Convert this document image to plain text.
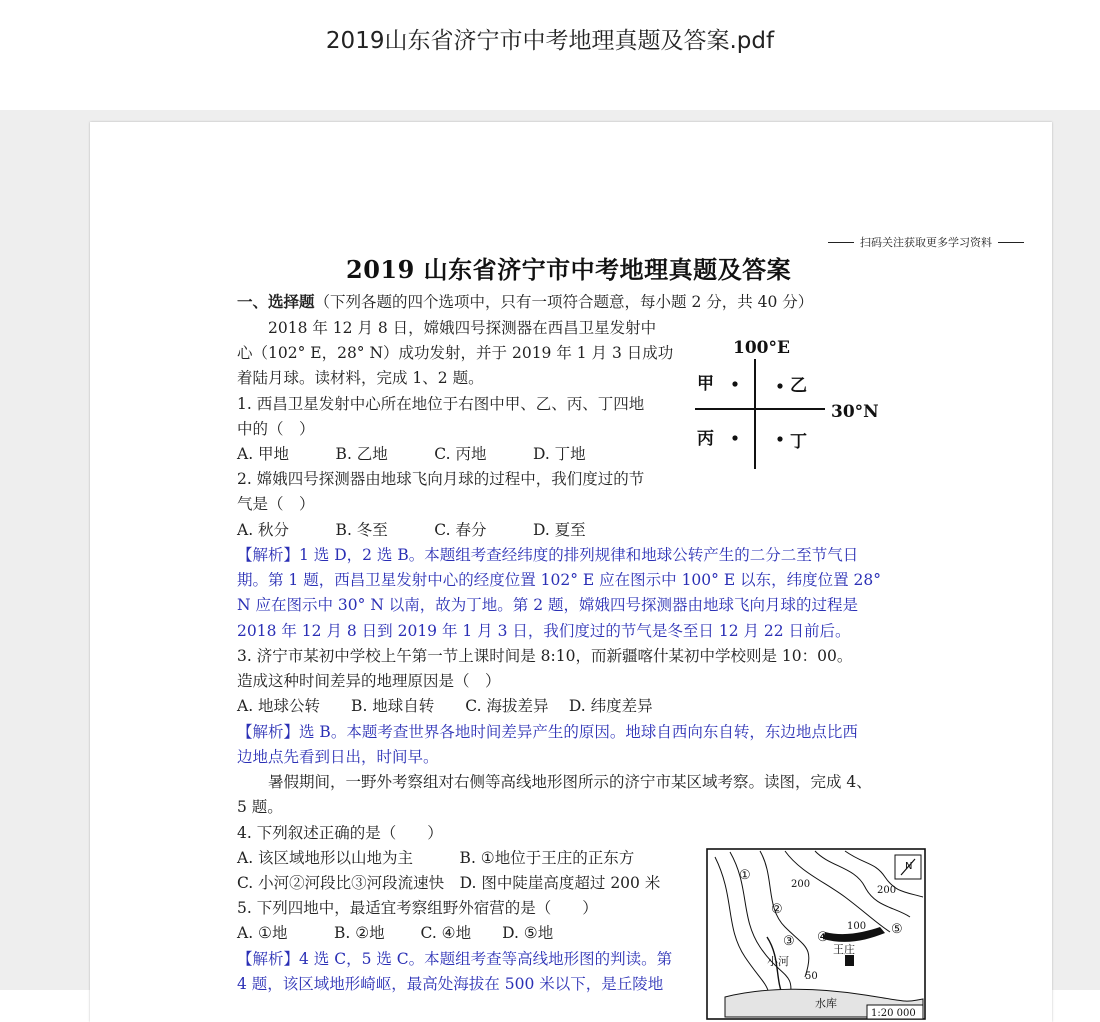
2019山东省济宁市中考地理真题及答案.pdf
扫码关注获取更多学习资料
2019 山东省济宁市中考地理真题及答案
一、选择题（下列各题的四个选项中，只有一项符合题意，每小题 2 分，共 40 分）
　　2018 年 12 月 8 日，嫦娥四号探测器在西昌卫星发射中
心（102° E，28° N）成功发射，并于 2019 年 1 月 3 日成功
着陆月球。读材料，完成 1、2 题。
1. 西昌卫星发射中心所在地位于右图中甲、乙、丙、丁四地
中的（　）
A. 甲地　　　B. 乙地　　　C. 丙地　　　D. 丁地
2. 嫦娥四号探测器由地球飞向月球的过程中，我们度过的节
气是（　）
A. 秋分　　　B. 冬至　　　C. 春分　　　D. 夏至
【解析】1 选 D，2 选 B。本题组考查经纬度的排列规律和地球公转产生的二分二至节气日
期。第 1 题，西昌卫星发射中心的经度位置 102° E 应在图示中 100° E 以东，纬度位置 28°
N 应在图示中 30° N 以南，故为丁地。第 2 题，嫦娥四号探测器由地球飞向月球的过程是
2018 年 12 月 8 日到 2019 年 1 月 3 日，我们度过的节气是冬至日 12 月 22 日前后。
3. 济宁市某初中学校上午第一节上课时间是 8:10，而新疆喀什某初中学校则是 10：00。
造成这种时间差异的地理原因是（　）
A. 地球公转　　B. 地球自转　　C. 海拔差异　 D. 纬度差异
【解析】选 B。本题考查世界各地时间差异产生的原因。地球自西向东自转，东边地点比西
边地点先看到日出，时间早。
　　暑假期间，一野外考察组对右侧等高线地形图所示的济宁市某区域考察。读图，完成 4、
5 题。
4. 下列叙述正确的是（　　）
A. 该区域地形以山地为主　　　B. ①地位于王庄的正东方
C. 小河②河段比③河段流速快　D. 图中陡崖高度超过 200 米
5. 下列四地中，最适宜考察组野外宿营的是（　　）
A. ①地　　　B. ②地　　 C. ④地　　D. ⑤地
【解析】4 选 C，5 选 C。本题组考查等高线地形图的判读。第
4 题，该区域地形崎岖，最高处海拔在 500 米以下，是丘陵地
100°E
30°N
甲	乙
丙	丁
①
②
③ ④
⑤
王庄
小河
水库
200
200
100
50
N
1:20 000
